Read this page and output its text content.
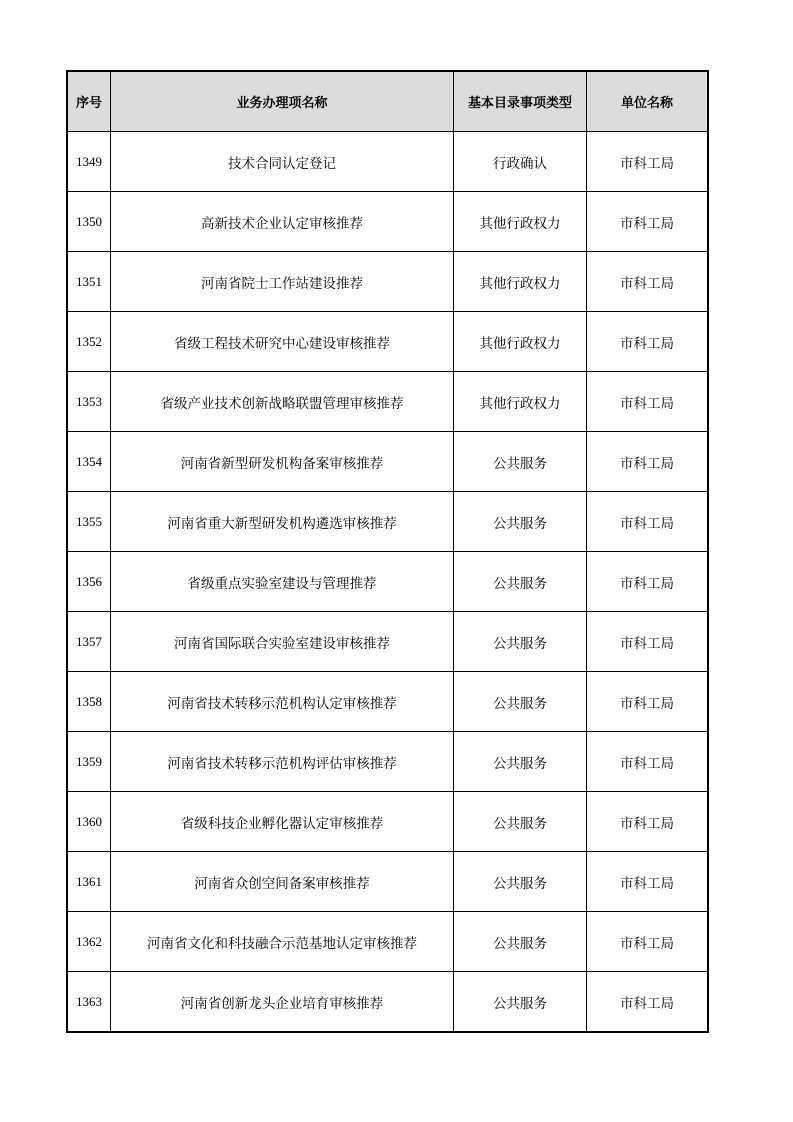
序号	业务办理项名称	基本目录事项类型	单位名称
1349	技术合同认定登记	行政确认	市科工局
1350	高新技术企业认定审核推荐	其他行政权力	市科工局
1351	河南省院士工作站建设推荐	其他行政权力	市科工局
1352	省级工程技术研究中心建设审核推荐	其他行政权力	市科工局
1353	省级产业技术创新战略联盟管理审核推荐	其他行政权力	市科工局
1354	河南省新型研发机构备案审核推荐	公共服务	市科工局
1355	河南省重大新型研发机构遴选审核推荐	公共服务	市科工局
1356	省级重点实验室建设与管理推荐	公共服务	市科工局
1357	河南省国际联合实验室建设审核推荐	公共服务	市科工局
1358	河南省技术转移示范机构认定审核推荐	公共服务	市科工局
1359	河南省技术转移示范机构评估审核推荐	公共服务	市科工局
1360	省级科技企业孵化器认定审核推荐	公共服务	市科工局
1361	河南省众创空间备案审核推荐	公共服务	市科工局
1362	河南省文化和科技融合示范基地认定审核推荐	公共服务	市科工局
1363	河南省创新龙头企业培育审核推荐	公共服务	市科工局
